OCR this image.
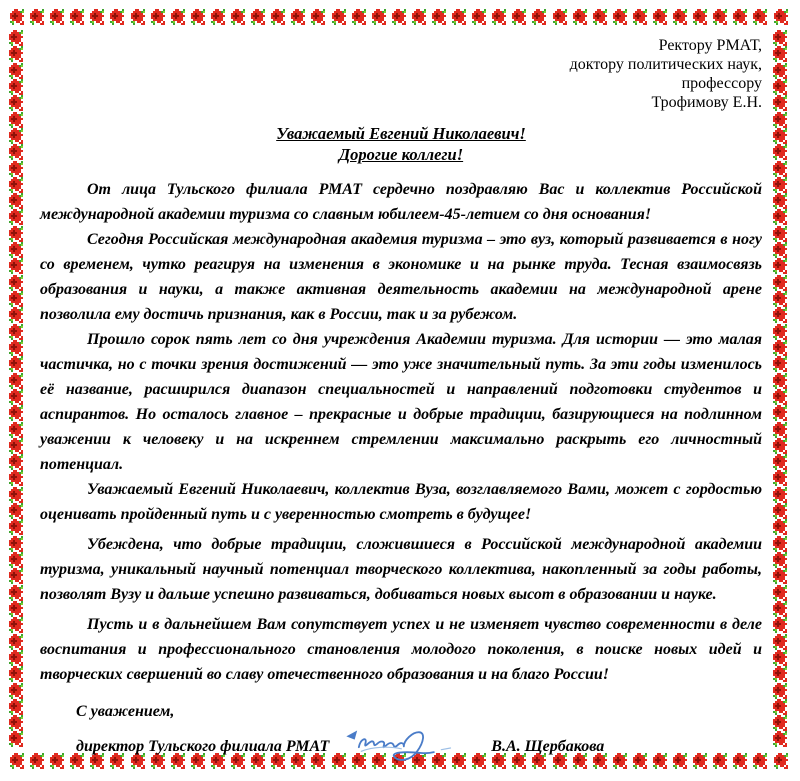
Ректору РМАТ,
доктору политических наук,
профессору
Трофимову Е.Н.
Уважаемый Евгений Николаевич!
Дорогие коллеги!

От лица Тульского филиала РМАТ сердечно поздравляю Вас и коллектив Российской международной академии туризма со славным юбилеем-45-летием со дня основания!

Сегодня Российская международная академия туризма – это вуз, который развивается в ногу со временем, чутко реагируя на изменения в экономике и на рынке труда. Тесная взаимосвязь образования и науки, а также активная деятельность академии на международной арене позволила ему достичь признания, как в России, так и за рубежом.

Прошло сорок пять лет со дня учреждения Академии туризма. Для истории — это малая частичка, но с точки зрения достижений — это уже значительный путь. За эти годы изменилось её название, расширился диапазон специальностей и направлений подготовки студентов и аспирантов. Но осталось главное – прекрасные и добрые традиции, базирующиеся на подлинном уважении к человеку и на искреннем стремлении максимально раскрыть его личностный потенциал.

Уважаемый Евгений Николаевич, коллектив Вуза, возглавляемого Вами, может с гордостью оценивать пройденный путь и с уверенностью смотреть в будущее!

Убеждена, что добрые традиции, сложившиеся в Российской международной академии туризма, уникальный научный потенциал творческого коллектива, накопленный за годы работы, позволят Вузу и дальше успешно развиваться, добиваться новых высот в образовании и науке.

Пусть и в дальнейшем Вам сопутствует успех и не изменяет чувство современности в деле воспитания и профессионального становления молодого поколения, в поиске новых идей и творческих свершений во славу отечественного образования и на благо России!

С уважением,
директор Тульского филиала РМАТ	В.А. Щербакова
